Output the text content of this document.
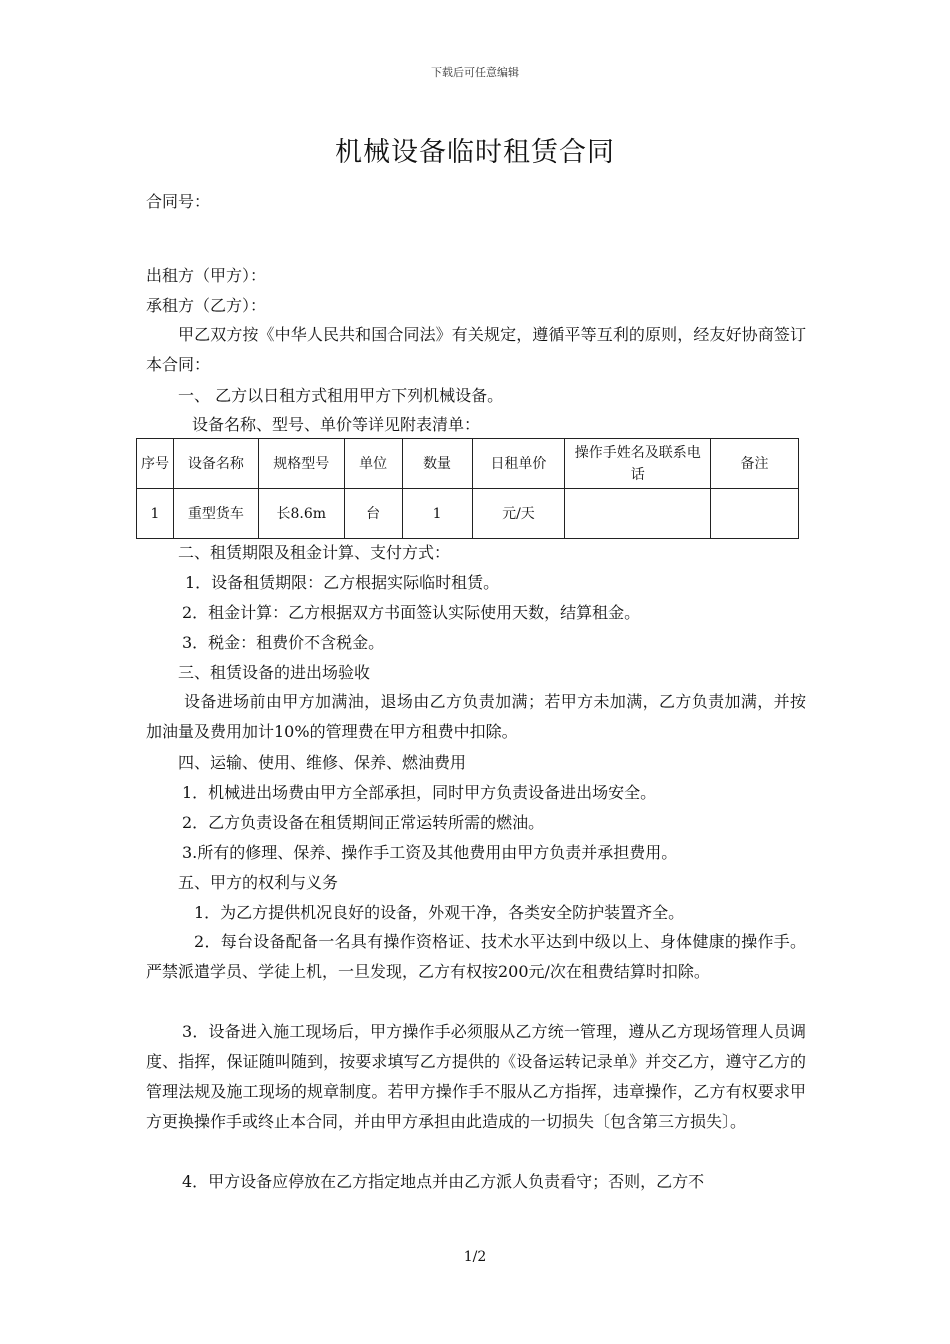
下载后可任意编辑
机械设备临时租赁合同
合同号：
出租方（甲方）：
承租方（乙方）：
甲乙双方按《中华人民共和国合同法》有关规定，遵循平等互利的原则，经友好协商签订本合同：
一、 乙方以日租方式租用甲方下列机械设备。
设备名称、型号、单价等详见附表清单：
序号	设备名称	规格型号	单位	数量	日租单价	操作手姓名及联系电话	备注
1	重型货车	长8.6m	台	1	元/天		
二、租赁期限及租金计算、支付方式：
1．设备租赁期限：乙方根据实际临时租赁。
2．租金计算：乙方根据双方书面签认实际使用天数，结算租金。
3．税金：租费价不含税金。
三、租赁设备的进出场验收
设备进场前由甲方加满油，退场由乙方负责加满；若甲方未加满，乙方负责加满，并按加油量及费用加计10%的管理费在甲方租费中扣除。
四、运输、使用、维修、保养、燃油费用
1．机械进出场费由甲方全部承担，同时甲方负责设备进出场安全。
2．乙方负责设备在租赁期间正常运转所需的燃油。
3.所有的修理、保养、操作手工资及其他费用由甲方负责并承担费用。
五、甲方的权利与义务
1．为乙方提供机况良好的设备，外观干净，各类安全防护装置齐全。
2．每台设备配备一名具有操作资格证、技术水平达到中级以上、身体健康的操作手。严禁派遣学员、学徒上机，一旦发现，乙方有权按200元/次在租费结算时扣除。
3．设备进入施工现场后，甲方操作手必须服从乙方统一管理，遵从乙方现场管理人员调度、指挥，保证随叫随到，按要求填写乙方提供的《设备运转记录单》并交乙方，遵守乙方的管理法规及施工现场的规章制度。若甲方操作手不服从乙方指挥，违章操作，乙方有权要求甲方更换操作手或终止本合同，并由甲方承担由此造成的一切损失〔包含第三方损失〕。
4．甲方设备应停放在乙方指定地点并由乙方派人负责看守；否则，乙方不
1/2
